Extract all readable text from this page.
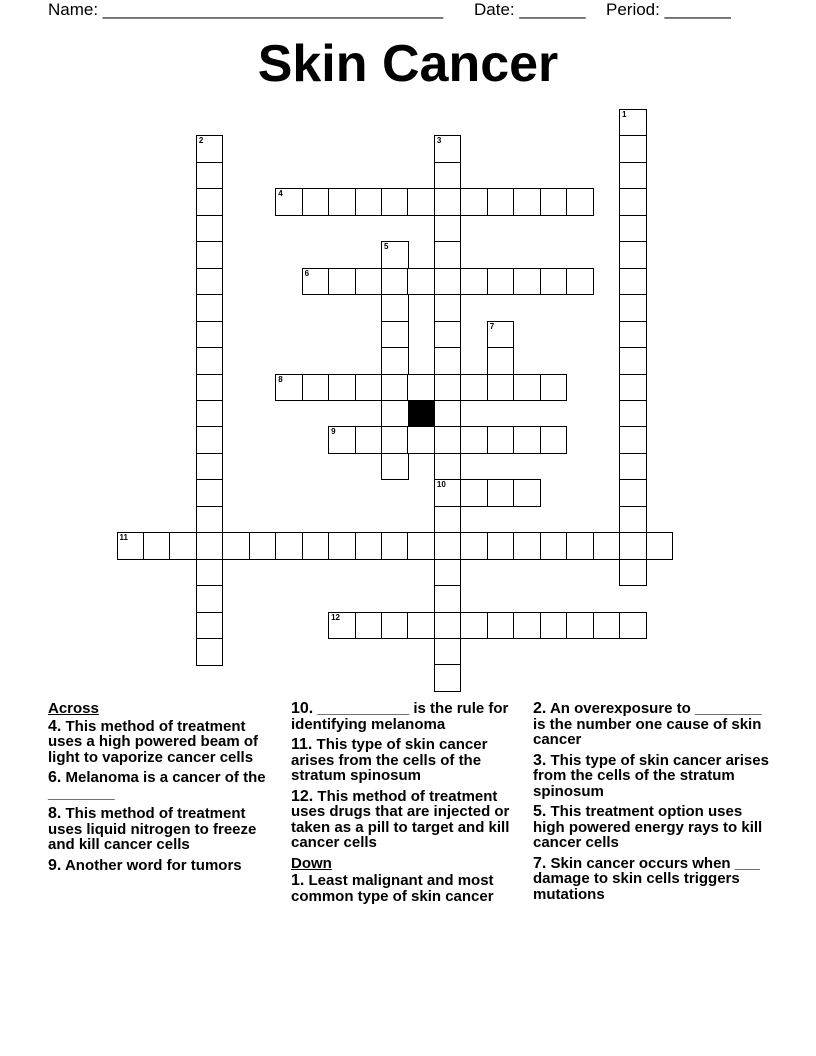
Name: ____________________________________ Date: _______ Period: _______
Skin Cancer
1
2	3
10
4
5
6
7
8
9
11
12
Across

4. This method of treatment uses a high powered beam of light to vaporize cancer cells

6. Melanoma is a cancer of the ________

8. This method of treatment uses liquid nitrogen to freeze and kill cancer cells

9. Another word for tumors

10. ___________ is the rule for identifying melanoma

11. This type of skin cancer arises from the cells of the stratum spinosum

12. This method of treatment uses drugs that are injected or taken as a pill to target and kill cancer cells

Down

1. Least malignant and most common type of skin cancer

2. An overexposure to ________ is the number one cause of skin cancer

3. This type of skin cancer arises from the cells of the stratum spinosum

5. This treatment option uses high powered energy rays to kill cancer cells

7. Skin cancer occurs when ___ damage to skin cells triggers mutations
